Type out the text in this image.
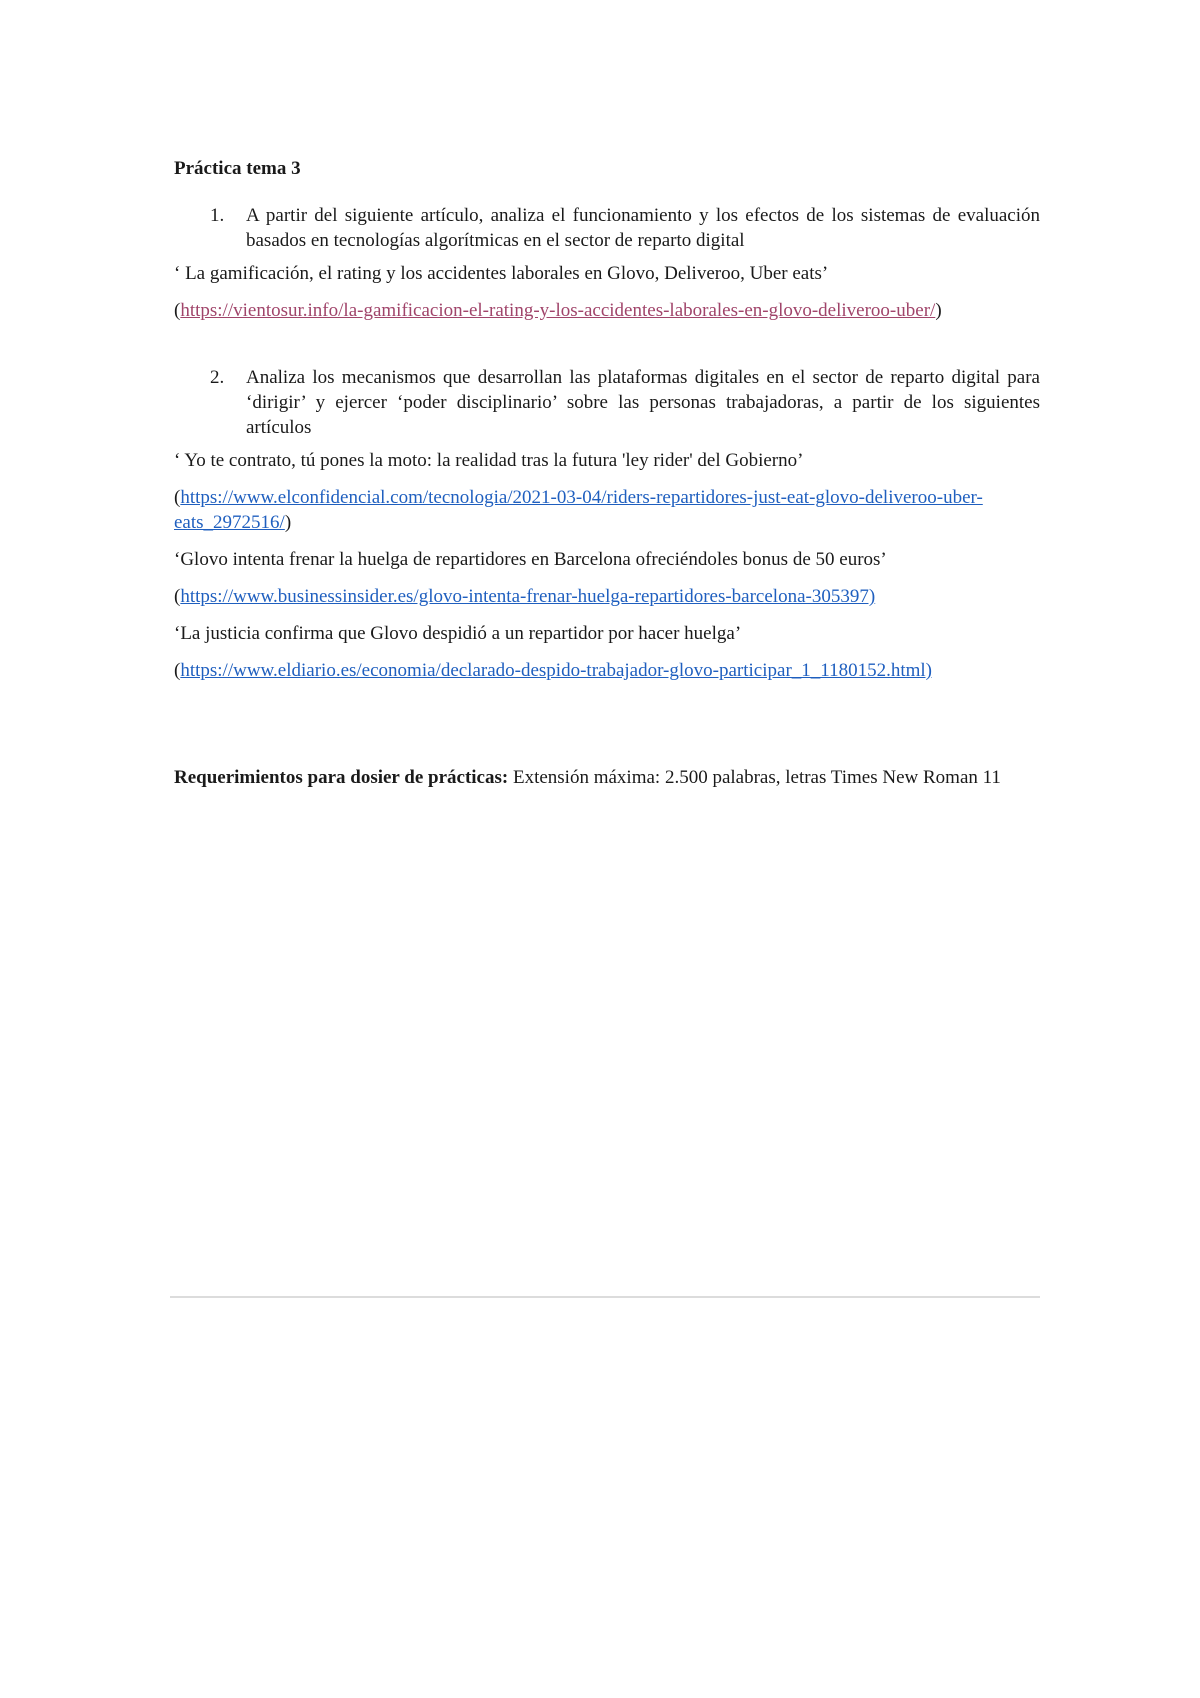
Práctica tema 3
1.	A partir del siguiente artículo, analiza el funcionamiento y los efectos de los sistemas de evaluación basados en tecnologías algorítmicas en el sector de reparto digital
‘ La gamificación, el rating y los accidentes laborales en Glovo, Deliveroo, Uber eats’
(https://vientosur.info/la-gamificacion-el-rating-y-los-accidentes-laborales-en-glovo-deliveroo-uber/)
2.	Analiza los mecanismos que desarrollan las plataformas digitales en el sector de reparto digital para ‘dirigir’ y ejercer ‘poder disciplinario’ sobre las personas trabajadoras, a partir de los siguientes artículos
‘ Yo te contrato, tú pones la moto: la realidad tras la futura 'ley rider' del Gobierno’
(https://www.elconfidencial.com/tecnologia/2021-03-04/riders-repartidores-just-eat-glovo-deliveroo-uber-eats_2972516/)
‘Glovo intenta frenar la huelga de repartidores en Barcelona ofreciéndoles bonus de 50 euros’
(https://www.businessinsider.es/glovo-intenta-frenar-huelga-repartidores-barcelona-305397)
‘La justicia confirma que Glovo despidió a un repartidor por hacer huelga’
(https://www.eldiario.es/economia/declarado-despido-trabajador-glovo-participar_1_1180152.html)
Requerimientos para dosier de prácticas: Extensión máxima: 2.500 palabras, letras Times New Roman 11
